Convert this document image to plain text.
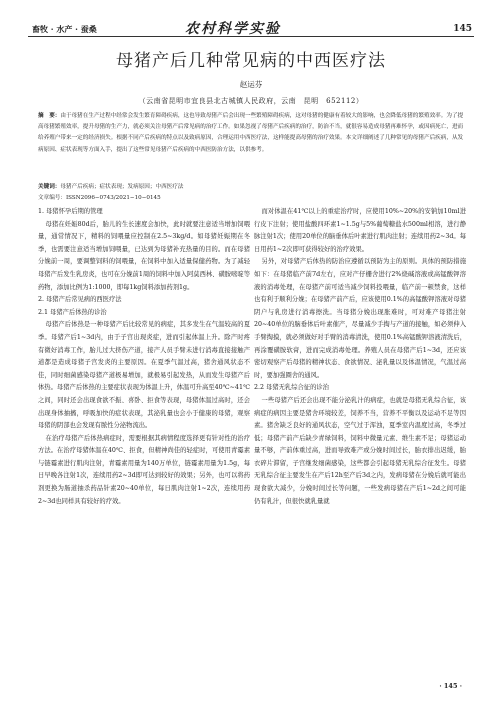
畜牧 · 水产 · 蚕桑	农村科学实验	145
母猪产后几种常见病的中西医疗法
赵运芬
（云南省昆明市宜良县北古城镇人民政府，云南　昆明　652112）
摘　要：由于母猪在生产过程中经常会发生繁育障碍疾病，这也导致母猪产后会出现一些繁殖障碍疾病，这对母猪的健康有着较大的影响，也会降低母猪的繁殖效率。为了提高母猪繁殖效率，提升母猪的生产力，就必须关注母猪产后常见病的治疗工作。如果忽视了母猪产后疾病的治疗，防治不当，就很容易造成母猪再难怀孕，或因病死亡，进而给养殖户带来一定的经济损失。根据不同产后疾病的特点以及致病原因，合理运用中西医疗法，这样能提高母猪的治疗效果。本文详细阐述了几种常见的母猪产后疾病，从发病原因、症状表现等方面入手，提出了这些常见母猪产后疾病的中西医防治方法，以供参考。
关键词：母猪产后疾病；症状表现；发病原因；中西医疗法
文章编号：ISSN2096−0743/2021−10−0145

1. 母猪怀孕后期的管理

母猪在妊娠80d后，胎儿的生长速度会加快，此时就要注意适当增加饲喂量，通常情况下，精料的饲喂量应控制在2.5~3kg/d。如母猪妊娠期在冬季，也需要注意适当增加饲喂量，已达到为母猪补充热量的目的。而在母猪分娩前一周，要调整饲料的饲喂量，在饲料中加入适量保健药物。为了减轻母猪产后发生乳房炎，也可在分娩前1周的饲料中加入阿莫西林、磺胺嘧啶等药物，添加比例为1:1000，即每1kg饲料添加药剂1g。

2. 母猪产后常见病的西医疗法

2.1 母猪产后体热的诊治

母猪产后体热是一种母猪产后比较常见的病症，其多发生在气温较高的夏季。母猪产后1~3d内，由于子宫出现炎症，进而引起体温上升。除产时疼有微好消毒工作，胎儿过大挤伤产道，接产人员手臂未进行消毒直接接触产道都是造成母猪子宫发炎的主要原因。在夏季气温过高，猪舍通风状态不佳，同时细菌感染母猪产道极易增加，就极易引起发热，从而发生母猪产后体热。母猪产后体热的主要症状表现为体温上升，体温可升高至40℃~41℃之间，同时还会出现食欲不振、喜卧、拒食等表现，母猪体温过高时，还会出现身体抽搐，呼吸加快的症状表现，其泌乳量也会小于健康的母猪，观察母猪的阴部也会发现有脓性分泌物流出。

在治疗母猪产后体热病症时，需要根据其病情程度选择更有针对性的治疗方法。在治疗母猪体温在40℃、拒食，但精神尚佳的轻症时，可使用青霉素与链霉素进行肌肉注射，青霉素用量为140万单位，链霉素用量为1.5g，每日早晚各注射1次，连续用药2~3d即可达到较好的效果；另外，也可以将药剂更换为肠道抽杀药品针素20~40单位，每日肌肉注射1~2次，连续用药2~3d也同样具有较好的疗效。

而对体温在41℃以上的重症治疗时，应使用10%~20%的安钠加10ml进行皮下注射；使用盐酸四环素1~1.5g与5%葡萄糖盐水500ml相溶，进行静脉注射1次；使用20单位的脑垂体后叶素进行肌肉注射；连续用药2~3d。每日用药1~2次即可获得较好的治疗效果。

另外，对母猪产后体热的防治应遵循以预防为主的原则。具体的预防措施如下：在母猪临产前7d左右，应对产仔栅舍进行2%烧碱溶液或高锰酸钾溶液的消毒处理，在母猪产前可适当减少饲料投喂量，临产前一顿禁食，这样也有利于顺利分娩；在母猪产前产后，应该使用0.1%的高锰酸钾溶液对母猪阴户与乳房进行消毒擦洗。当母猪分娩出现胀难时，可对难产母猪注射20~40单位的脑垂体后叶素催产，尽量减少手掏与产道的接触，如必须伸入手臂掏摸，就必须做好对手臂的消毒清洗，使用0.1%高锰酸钾溶液清洗后，再涂覆磺胺软膏，进而完成消毒处理。养殖人员在母猪产后1~3d，还应该密切观察产后母猪的精神状态、食欲情况、泌乳量以及体温情况，气温过高时，要加强圈舍的通风。

2.2 母猪无乳综合征的诊治

一些母猪产后还会出现不能分泌乳汁的病症，也就是母猪无乳综合征，该病症的病因主要是猪舍环境较差，饲养不当，营养不平衡以及运动不足等因素。猪舍缺乏良好的通风状态，空气过于浑浊，夏季室内温度过高，冬季过低；母猪产前产后缺少青绿饲料，饲料中微量元素、维生素不足；母猪运动量不够，产前体重过高，进而导致难产或分娩时间过长，胎衣排出迟缓，胎衣碎片滞留，子宫继发细菌感染，这些都会引起母猪无乳综合征发生。母猪无乳综合征主要发生在产后12h至产后3d之内，发病母猪在分娩后就可能出现食欲大减少，分娩时间过长等问题，一些发病母猪在产后1~2d之间可能仍有乳汁，但很快就乳量就

· 145 ·
